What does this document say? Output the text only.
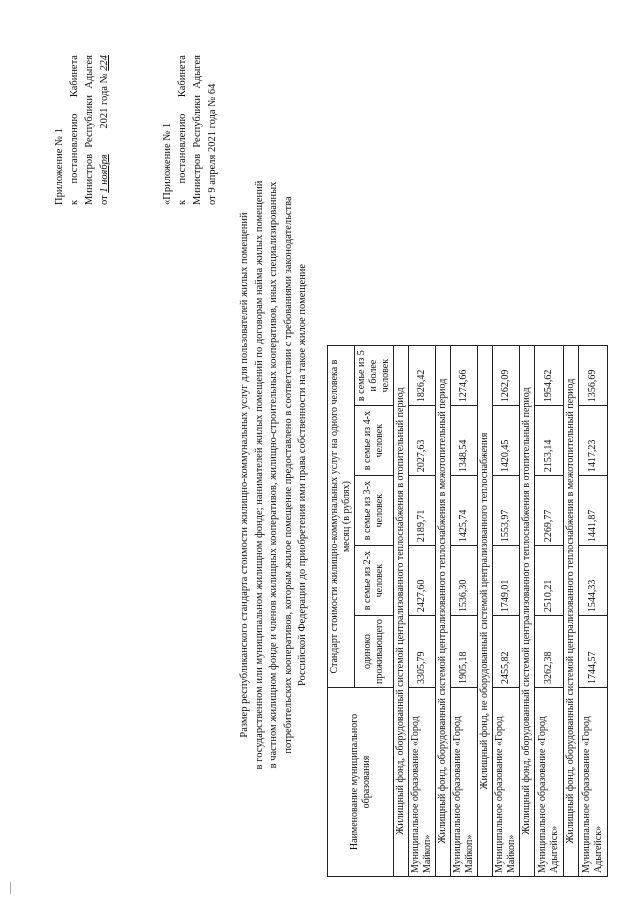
Приложение № 1 к
постановлению
Кабинета
Министров
Республики
Адыгея
от 1 ноября
2021 года № 224
«Приложение № 1 к
постановлению
Кабинета
Министров
Республики
Адыгея
от 9 апреля 2021 года № 64
Размер республиканского стандарта стоимости жилищно-коммунальных услуг для пользователей жилых помещений в государственном или муниципальном жилищном фонде; нанимателей жилых помещений по договорам найма жилых помещений в частном жилищном фонде и членов жилищных кооперативов, жилищно-строительных кооперативов, иных специализированных потребительских кооперативов, которым жилое помещение предоставлено в соответствии с требованиями законодательства Российской Федерации до приобретения ими права собственности на такое жилое помещение
Наименование муниципального образования	Стандарт стоимости жилищно-коммунальных услуг на одного человека в месяц (в рублях)				
	одиноко проживающего	в семье из 2-х человек	в семье из 3-х человек	в семье из 4-х человек	в семье из 5 и более человек
Жилищный фонд, оборудованный системой централизованного теплоснабжения в отопительный период					
Муниципальное образование «Город Майкоп»	3305,79	2427,60	2189,71	2027,63	1826,42
Жилищный фонд, оборудованный системой централизованного теплоснабжения в межотопительный период					
Муниципальное образование «Город Майкоп»	1905,18	1536,30	1425,74	1348,54	1274,66
Жилищный фонд, не оборудованный системой централизованного теплоснабжения					
Муниципальное образование «Город Майкоп»	2455,82	1749,01	1553,97	1420,45	1262,09
Жилищный фонд, оборудованный системой централизованного теплоснабжения в отопительный период					
Муниципальное образование «Город Адыгейск»	3262,38	2510,21	2269,77	2153,14	1954,62
Жилищный фонд, оборудованный системой централизованного теплоснабжения в межотопительный период					
Муниципальное образование «Город Адыгейск»	1744,57	1544,33	1441,87	1417,23	1356,69
